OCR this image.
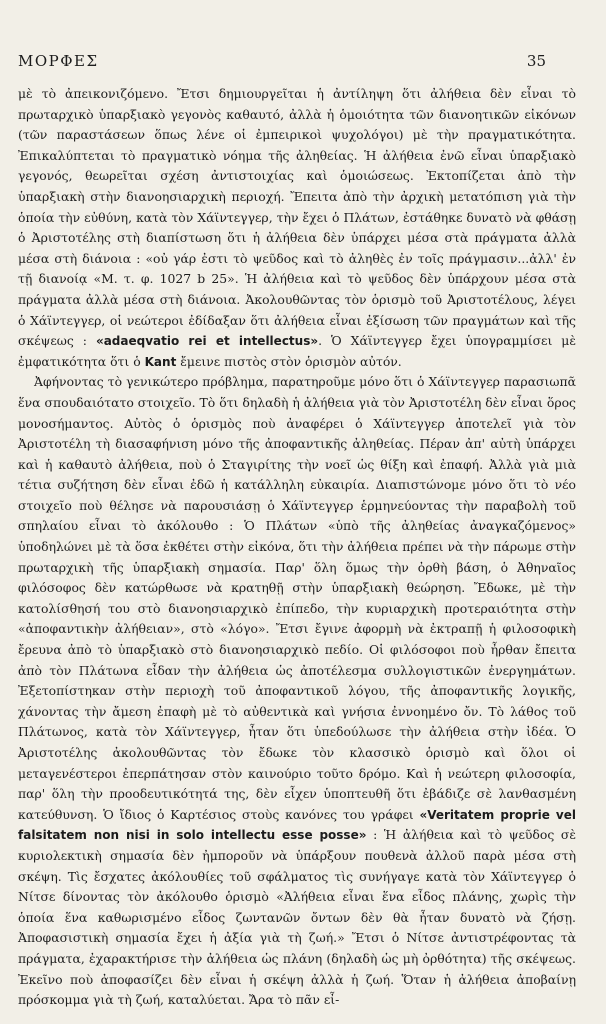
ΜΟΡΦΕΣ	35

μὲ τὸ ἀπεικονιζόμενο. Ἔτσι δημιουργεῖται ἡ ἀντίληψη ὅτι ἀλήθεια δὲν εἶναι τὸ πρωταρχικὸ ὑπαρξιακὸ γεγονὸς καθαυτό, ἀλλὰ ἡ ὁμοιότητα τῶν διανοητικῶν εἰκόνων (τῶν παραστάσεων ὅπως λένε οἱ ἐμπειρικοὶ ψυχολόγοι) μὲ τὴν πραγματικότητα. Ἐπικαλύπτεται τὸ πραγματικὸ νόημα τῆς ἀληθείας. Ἡ ἀλήθεια ἐνῶ εἶναι ὑπαρξιακὸ γεγονός, θεωρεῖται σχέση ἀντιστοιχίας καὶ ὁμοιώσεως. Ἐκτοπίζεται ἀπὸ τὴν ὑπαρξιακὴ στὴν διανοησιαρχικὴ περιοχή. Ἔπειτα ἀπὸ τὴν ἀρχικὴ μετατόπιση γιὰ τὴν ὁποία τὴν εὐθύνη, κατὰ τὸν Χάϊντεγγερ, τὴν ἔχει ὁ Πλάτων, ἐστάθηκε δυνατὸ νὰ φθάσῃ ὁ Ἀριστοτέλης στὴ διαπίστωση ὅτι ἡ ἀλήθεια δὲν ὑπάρχει μέσα στὰ πράγματα ἀλλὰ μέσα στὴ διάνοια : «οὐ γάρ ἐστι τὸ ψεῦδος καὶ τὸ ἀληθὲς ἐν τοῖς πράγμασιν...ἀλλ' ἐν τῇ διανοίᾳ «Μ. τ. φ. 1027 b 25». Ἡ ἀλήθεια καὶ τὸ ψεῦδος δὲν ὑπάρχουν μέσα στὰ πράγματα ἀλλὰ μέσα στὴ διάνοια. Ἀκολουθῶντας τὸν ὁρισμὸ τοῦ Ἀριστοτέλους, λέγει ὁ Χάϊντεγγερ, οἱ νεώτεροι ἐδίδαξαν ὅτι ἀλήθεια εἶναι ἐξίσωση τῶν πραγμάτων καὶ τῆς σκέψεως : «adaeqvatio rei et intellectus». Ὁ Χάϊντεγγερ ἔχει ὑπογραμμίσει μὲ ἐμφατικότητα ὅτι ὁ Kant ἔμεινε πιστὸς στὸν ὁρισμὸν αὐτόν.

Ἀφήνοντας τὸ γενικώτερο πρόβλημα, παρατηροῦμε μόνο ὅτι ὁ Χάϊντεγγερ παρασιωπᾶ ἕνα σπουδαιότατο στοιχεῖο. Τὸ ὅτι δηλαδὴ ἡ ἀλήθεια γιὰ τὸν Ἀριστοτέλη δὲν εἶναι ὅρος μονοσήμαντος. Αὐτὸς ὁ ὁρισμὸς ποὺ ἀναφέρει ὁ Χάϊντεγγερ ἀποτελεῖ γιὰ τὸν Ἀριστοτέλη τὴ διασαφήνιση μόνο τῆς ἀποφαντικῆς ἀληθείας. Πέραν ἀπ' αὐτὴ ὑπάρχει καὶ ἡ καθαυτὸ ἀλήθεια, ποὺ ὁ Σταγιρίτης τὴν νοεῖ ὡς θίξη καὶ ἐπαφή. Ἀλλὰ γιὰ μιὰ τέτια συζήτηση δὲν εἶναι ἐδῶ ἡ κατάλληλη εὐκαιρία. Διαπιστώνομε μόνο ὅτι τὸ νέο στοιχεῖο ποὺ θέλησε νὰ παρουσιάσῃ ὁ Χάϊντεγγερ ἑρμηνεύοντας τὴν παραβολὴ τοῦ σπηλαίου εἶναι τὸ ἀκόλουθο : Ὁ Πλάτων «ὑπὸ τῆς ἀληθείας ἀναγκαζόμενος» ὑποδηλώνει μὲ τὰ ὅσα ἐκθέτει στὴν εἰκόνα, ὅτι τὴν ἀλήθεια πρέπει νὰ τὴν πάρωμε στὴν πρωταρχικὴ τῆς ὑπαρξιακὴ σημασία. Παρ' ὅλη ὅμως τὴν ὀρθὴ βάση, ὁ Ἀθηναῖος φιλόσοφος δὲν κατώρθωσε νὰ κρατηθῇ στὴν ὑπαρξιακὴ θεώρηση. Ἔδωκε, μὲ τὴν κατολίσθησή του στὸ διανοησιαρχικὸ ἐπίπεδο, τὴν κυριαρχικὴ προτεραιότητα στὴν «ἀποφαντικὴν ἀλήθειαν», στὸ «λόγο». Ἔτσι ἔγινε ἀφορμὴ νὰ ἐκτραπῇ ἡ φιλοσοφικὴ ἔρευνα ἀπὸ τὸ ὑπαρξιακὸ στὸ διανοησιαρχικὸ πεδίο. Οἱ φιλόσοφοι ποὺ ἦρθαν ἔπειτα ἀπὸ τὸν Πλάτωνα εἶδαν τὴν ἀλήθεια ὡς ἀποτέλεσμα συλλογιστικῶν ἐνεργημάτων. Ἐξετοπίστηκαν στὴν περιοχὴ τοῦ ἀποφαντικοῦ λόγου, τῆς ἀποφαντικῆς λογικῆς, χάνοντας τὴν ἄμεση ἐπαφὴ μὲ τὸ αὐθεντικὰ καὶ γνήσια ἐννοημένο ὄν. Τὸ λάθος τοῦ Πλάτωνος, κατὰ τὸν Χάϊντεγγερ, ἦταν ὅτι ὑπεδούλωσε τὴν ἀλήθεια στὴν ἰδέα. Ὁ Ἀριστοτέλης ἀκολουθῶντας τὸν ἔδωκε τὸν κλασσικὸ ὁρισμὸ καὶ ὅλοι οἱ μεταγενέστεροι ἐπερπάτησαν στὸν καινούριο τοῦτο δρόμο. Καὶ ἡ νεώτερη φιλοσοφία, παρ' ὅλη τὴν προοδευτικότητά της, δὲν εἶχεν ὑποπτευθῆ ὅτι ἐβάδιζε σὲ λανθασμένη κατεύθυνση. Ὁ ἴδιος ὁ Καρτέσιος στοὺς κανόνες του γράφει «Veritatem proprie vel falsitatem non nisi in solo intellectu esse posse» : Ἡ ἀλήθεια καὶ τὸ ψεῦδος σὲ κυριολεκτικὴ σημασία δὲν ἠμποροῦν νὰ ὑπάρξουν πουθενὰ ἀλλοῦ παρὰ μέσα στὴ σκέψη. Τὶς ἔσχατες ἀκόλουθίες τοῦ σφάλματος τὶς συνήγαγε κατὰ τὸν Χάϊντεγγερ ὁ Νίτσε δίνοντας τὸν ἀκόλουθο ὁρισμὸ «Ἀλήθεια εἶναι ἕνα εἶδος πλάνης, χωρὶς τὴν ὁποία ἕνα καθωρισμένο εἶδος ζωντανῶν ὄντων δὲν θὰ ἦταν δυνατὸ νὰ ζήσῃ. Ἀποφασιστικὴ σημασία ἔχει ἡ ἀξία γιὰ τὴ ζωή.» Ἔτσι ὁ Νίτσε ἀντιστρέφοντας τὰ πράγματα, ἐχαρακτήρισε τὴν ἀλήθεια ὡς πλάνη (δηλαδὴ ὡς μὴ ὀρθότητα) τῆς σκέψεως. Ἐκεῖνο ποὺ ἀποφασίζει δὲν εἶναι ἡ σκέψη ἀλλὰ ἡ ζωή. Ὅταν ἡ ἀλήθεια ἀποβαίνῃ πρόσκομμα γιὰ τὴ ζωή, καταλύεται. Ἄρα τὸ πᾶν εἶ-
